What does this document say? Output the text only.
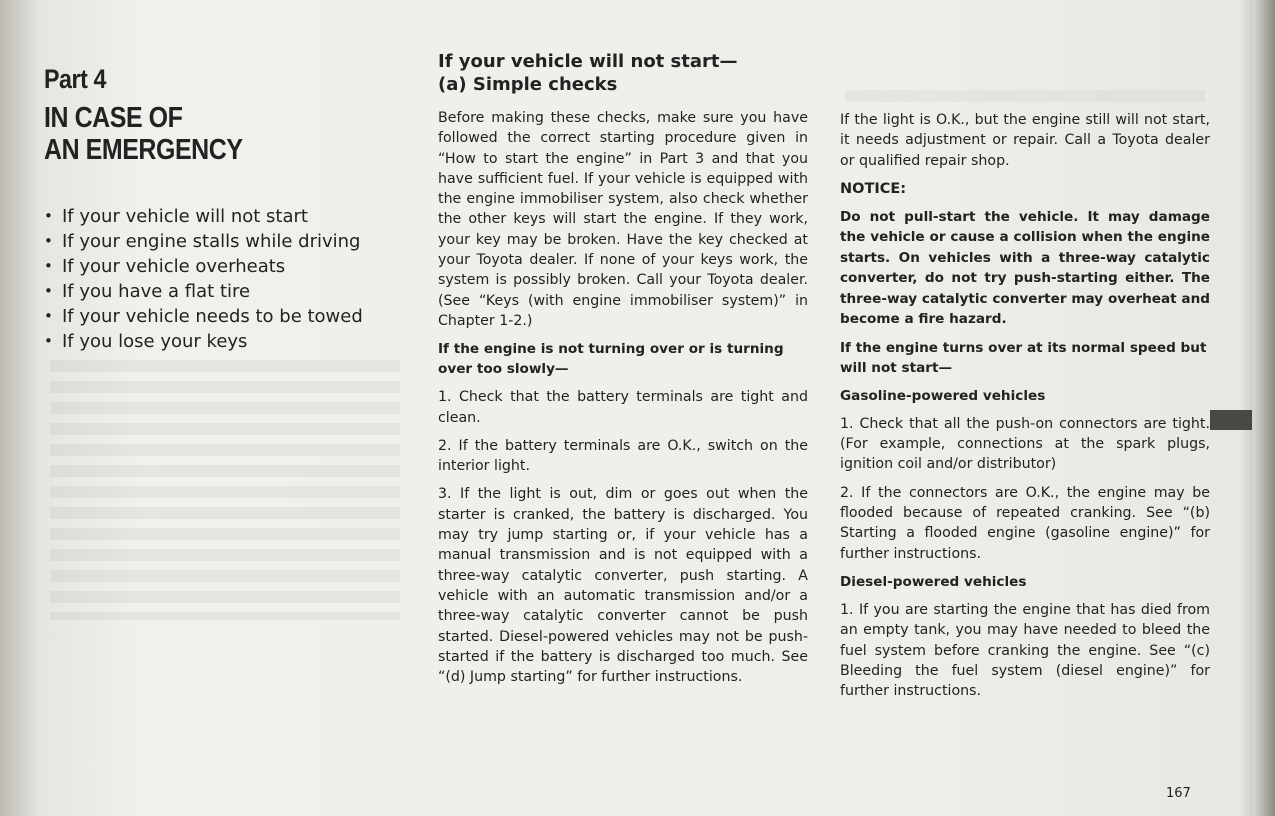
Part 4
IN CASE OF
AN EMERGENCY
• If your vehicle will not start
• If your engine stalls while driving
• If your vehicle overheats
• If you have a flat tire
• If your vehicle needs to be towed
• If you lose your keys
If your vehicle will not start—
(a) Simple checks

Before making these checks, make sure you have followed the correct starting procedure given in “How to start the engine” in Part 3 and that you have sufficient fuel. If your vehicle is equipped with the engine immobiliser system, also check whether the other keys will start the engine. If they work, your key may be broken. Have the key checked at your Toyota dealer. If none of your keys work, the system is possibly broken. Call your Toyota dealer. (See “Keys (with engine immobiliser system)” in Chapter 1-2.)

If the engine is not turning over or is turning over too slowly—

1. Check that the battery terminals are tight and clean.

2. If the battery terminals are O.K., switch on the interior light.

3. If the light is out, dim or goes out when the starter is cranked, the battery is discharged. You may try jump starting or, if your vehicle has a manual transmission and is not equipped with a three-way catalytic converter, push starting. A vehicle with an automatic transmission and/or a three-way catalytic converter cannot be push started. Diesel-powered vehicles may not be push-started if the battery is discharged too much. See “(d) Jump starting” for further instructions.

If the light is O.K., but the engine still will not start, it needs adjustment or repair. Call a Toyota dealer or qualified repair shop.

NOTICE:

Do not pull-start the vehicle. It may damage the vehicle or cause a collision when the engine starts. On vehicles with a three-way catalytic converter, do not try push-starting either. The three-way catalytic converter may overheat and become a fire hazard.

If the engine turns over at its normal speed but will not start—

Gasoline-powered vehicles

1. Check that all the push-on connectors are tight. (For example, connections at the spark plugs, ignition coil and/or distributor)

2. If the connectors are O.K., the engine may be flooded because of repeated cranking. See “(b) Starting a flooded engine (gasoline engine)” for further instructions.

Diesel-powered vehicles

1. If you are starting the engine that has died from an empty tank, you may have needed to bleed the fuel system before cranking the engine. See “(c) Bleeding the fuel system (diesel engine)” for further instructions.

167
